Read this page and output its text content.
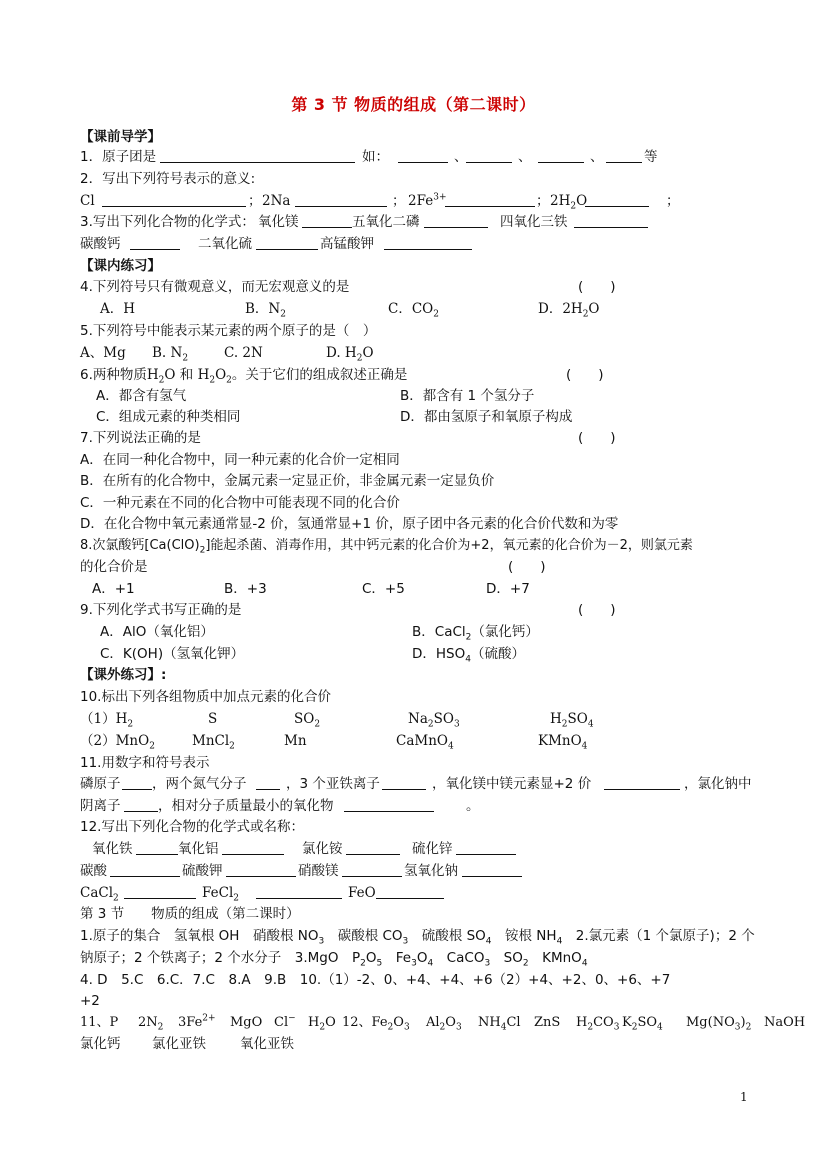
第 3 节 物质的组成（第二课时）
【课前导学】
1．原子团是	如：	、	、	、	等
2．写出下列符号表示的意义:
Cl	； 2Na	； $2Fe^{3+}$	； $2H_2O$	；
3.写出下列化合物的化学式： 氧化镁	五氧化二磷	四氧化三铁
碳酸钙	二氧化硫	高锰酸钾
【课内练习】
4.下列符号只有微观意义，而无宏观意义的是	(　　)
A．H	B．$N_2$	C．$CO_2$	D．$2H_2O$
5.下列符号中能表示某元素的两个原子的是（　）
A、Mg B. $N_2$	C. 2N	D. $H_2O$
6.两种物质$H_2O$ 和 $H_2O_2$。关于它们的组成叙述正确是	(　　)
A．都含有氢气	B．都含有 1 个氢分子
C．组成元素的种类相同	D．都由氢原子和氧原子构成
7.下列说法正确的是	(　　)
A．在同一种化合物中，同一种元素的化合价一定相同
B．在所有的化合物中，金属元素一定显正价，非金属元素一定显负价
C．一种元素在不同的化合物中可能表现不同的化合价
D．在化合物中氧元素通常显-2 价，氢通常显+1 价，原子团中各元素的化合价代数和为零
8.次氯酸钙$[Ca(ClO)_2]$能起杀菌、消毒作用，其中钙元素的化合价为+2，氧元素的化合价为－2，则氯元素
的化合价是	(　　)
A．+1	B．+3	C．+5	D．+7
9.下列化学式书写正确的是	(　　)
A．AlO（氧化铝）	B．CaCl$_2$（氯化钙）
C．K(OH)（氢氧化钾）	D．$HSO_4$（硫酸）
【课外练习】:
10.标出下列各组物质中加点元素的化合价
$(1)H_2$	S	$SO_2$	$Na_2SO_3$	$H_2SO_4$
（2）MnO$_2$	MnCl$_2$	Mn	CaMnO$_4$	KMnO$_4$
11.用数字和符号表示
磷原子 ，两个氮气分子	，3 个亚铁离子	，氧化镁中镁元素显+2 价	，氯化钠中
阴离子	，相对分子质量最小的氧化物	。
12.写出下列化合物的化学式或名称：
氧化铁	氧化铝	氯化铵	硫化锌
碳酸	硫酸钾	硝酸镁	氢氧化钠
CaCl$_2$	FeCl$_2$	FeO
第 3 节　　物质的组成（第二课时）
1.原子的集合　氢氧根 OH　硝酸根 $NO_3$　碳酸根 $CO_3$　硫酸根 $SO_4$　铵根 $NH_4$　2.氯元素（1 个氯原子)；2 个
钠原子；2 个铁离子；2 个水分子　3.MgO　$P_2O_5$　$Fe_3O_4$　CaCO$_3$　$SO_2$　KMnO$_4$
4. D　5.C　6.C．7.C　8.A　9.B　10.（1）-2、0、+4、+4、+6（2）+4、+2、0、+6、+7
+2
11、P $2N_2$ $3Fe^{2+}$ MgO Cl− $H_2O$ 12、$Fe_2O_3$ $Al_2O_3$ $NH_4Cl$ ZnS $H_2CO_3$ $K_2SO_4$ $Mg(NO_3)_2$ NaOH
氯化钙 氯化亚铁	氧化亚铁
1
